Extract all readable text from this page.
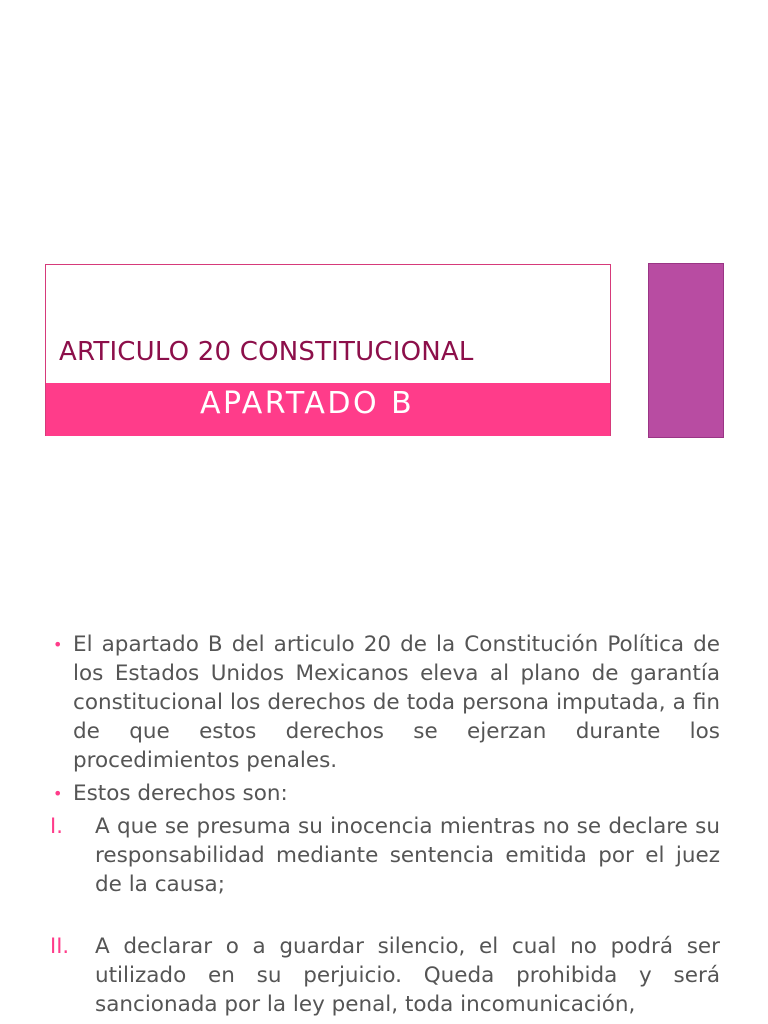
ARTICULO 20 CONSTITUCIONAL
APARTADO B
• El apartado B del articulo 20 de la Constitución Política de los Estados Unidos Mexicanos eleva al plano de garantía constitucional los derechos de toda persona imputada, a fin de que estos derechos se ejerzan durante los procedimientos penales.
• Estos derechos son:
I.	A que se presuma su inocencia mientras no se declare su responsabilidad mediante sentencia emitida por el juez de la causa;
II.	A declarar o a guardar silencio, el cual no podrá ser utilizado en su perjuicio. Queda prohibida y será sancionada por la ley penal, toda incomunicación,
